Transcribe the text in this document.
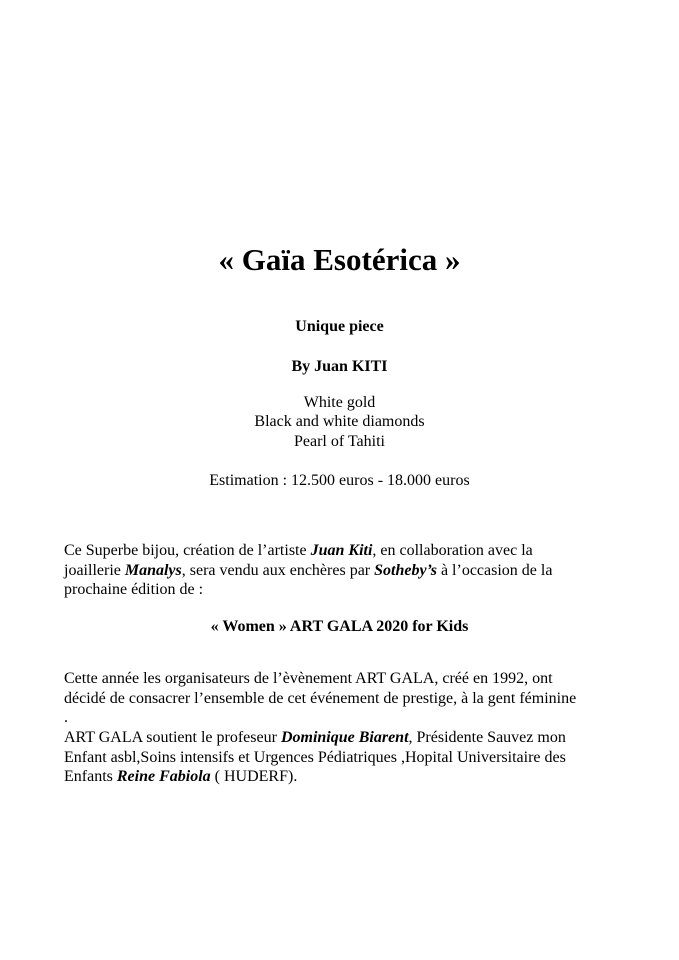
« Gaïa Esotérica »
Unique piece
By Juan KITI
White gold
Black and white diamonds
Pearl of Tahiti
Estimation : 12.500 euros - 18.000 euros
Ce Superbe bijou, création de l’artiste Juan Kiti, en collaboration avec la
joaillerie Manalys, sera vendu aux enchères par Sotheby’s à l’occasion de la
prochaine édition de :
« Women » ART GALA 2020 for Kids
Cette année les organisateurs de l’èvènement ART GALA, créé en 1992, ont
décidé de consacrer l’ensemble de cet événement de prestige, à la gent féminine
.
ART GALA soutient le profeseur Dominique Biarent, Présidente Sauvez mon
Enfant asbl,Soins intensifs et Urgences Pédiatriques ,Hopital Universitaire des
Enfants Reine Fabiola ( HUDERF).
